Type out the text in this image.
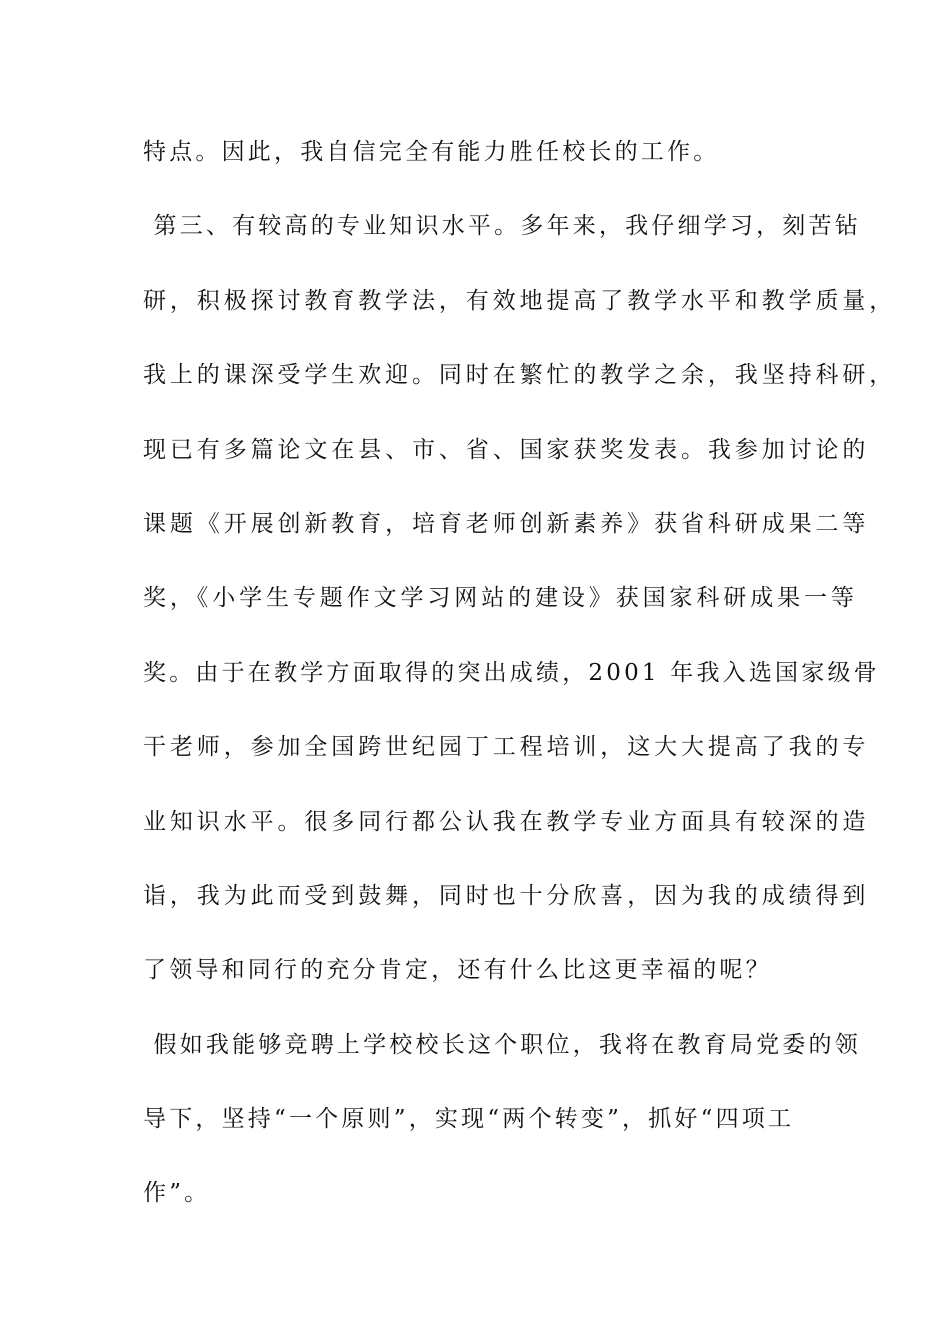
特点。因此，我自信完全有能力胜任校长的工作。
第三、有较高的专业知识水平。多年来，我仔细学习，刻苦钻
研，积极探讨教育教学法，有效地提高了教学水平和教学质量，
我上的课深受学生欢迎。同时在繁忙的教学之余，我坚持科研，
现已有多篇论文在县、市、省、国家获奖发表。我参加讨论的
课题《开展创新教育，培育老师创新素养》获省科研成果二等
奖，《小学生专题作文学习网站的建设》获国家科研成果一等
奖。由于在教学方面取得的突出成绩，2001 年我入选国家级骨
干老师，参加全国跨世纪园丁工程培训，这大大提高了我的专
业知识水平。很多同行都公认我在教学专业方面具有较深的造
诣，我为此而受到鼓舞，同时也十分欣喜，因为我的成绩得到
了领导和同行的充分肯定，还有什么比这更幸福的呢？
假如我能够竞聘上学校校长这个职位，我将在教育局党委的领
导下，坚持“一个原则”，实现“两个转变”，抓好“四项工
作”。
